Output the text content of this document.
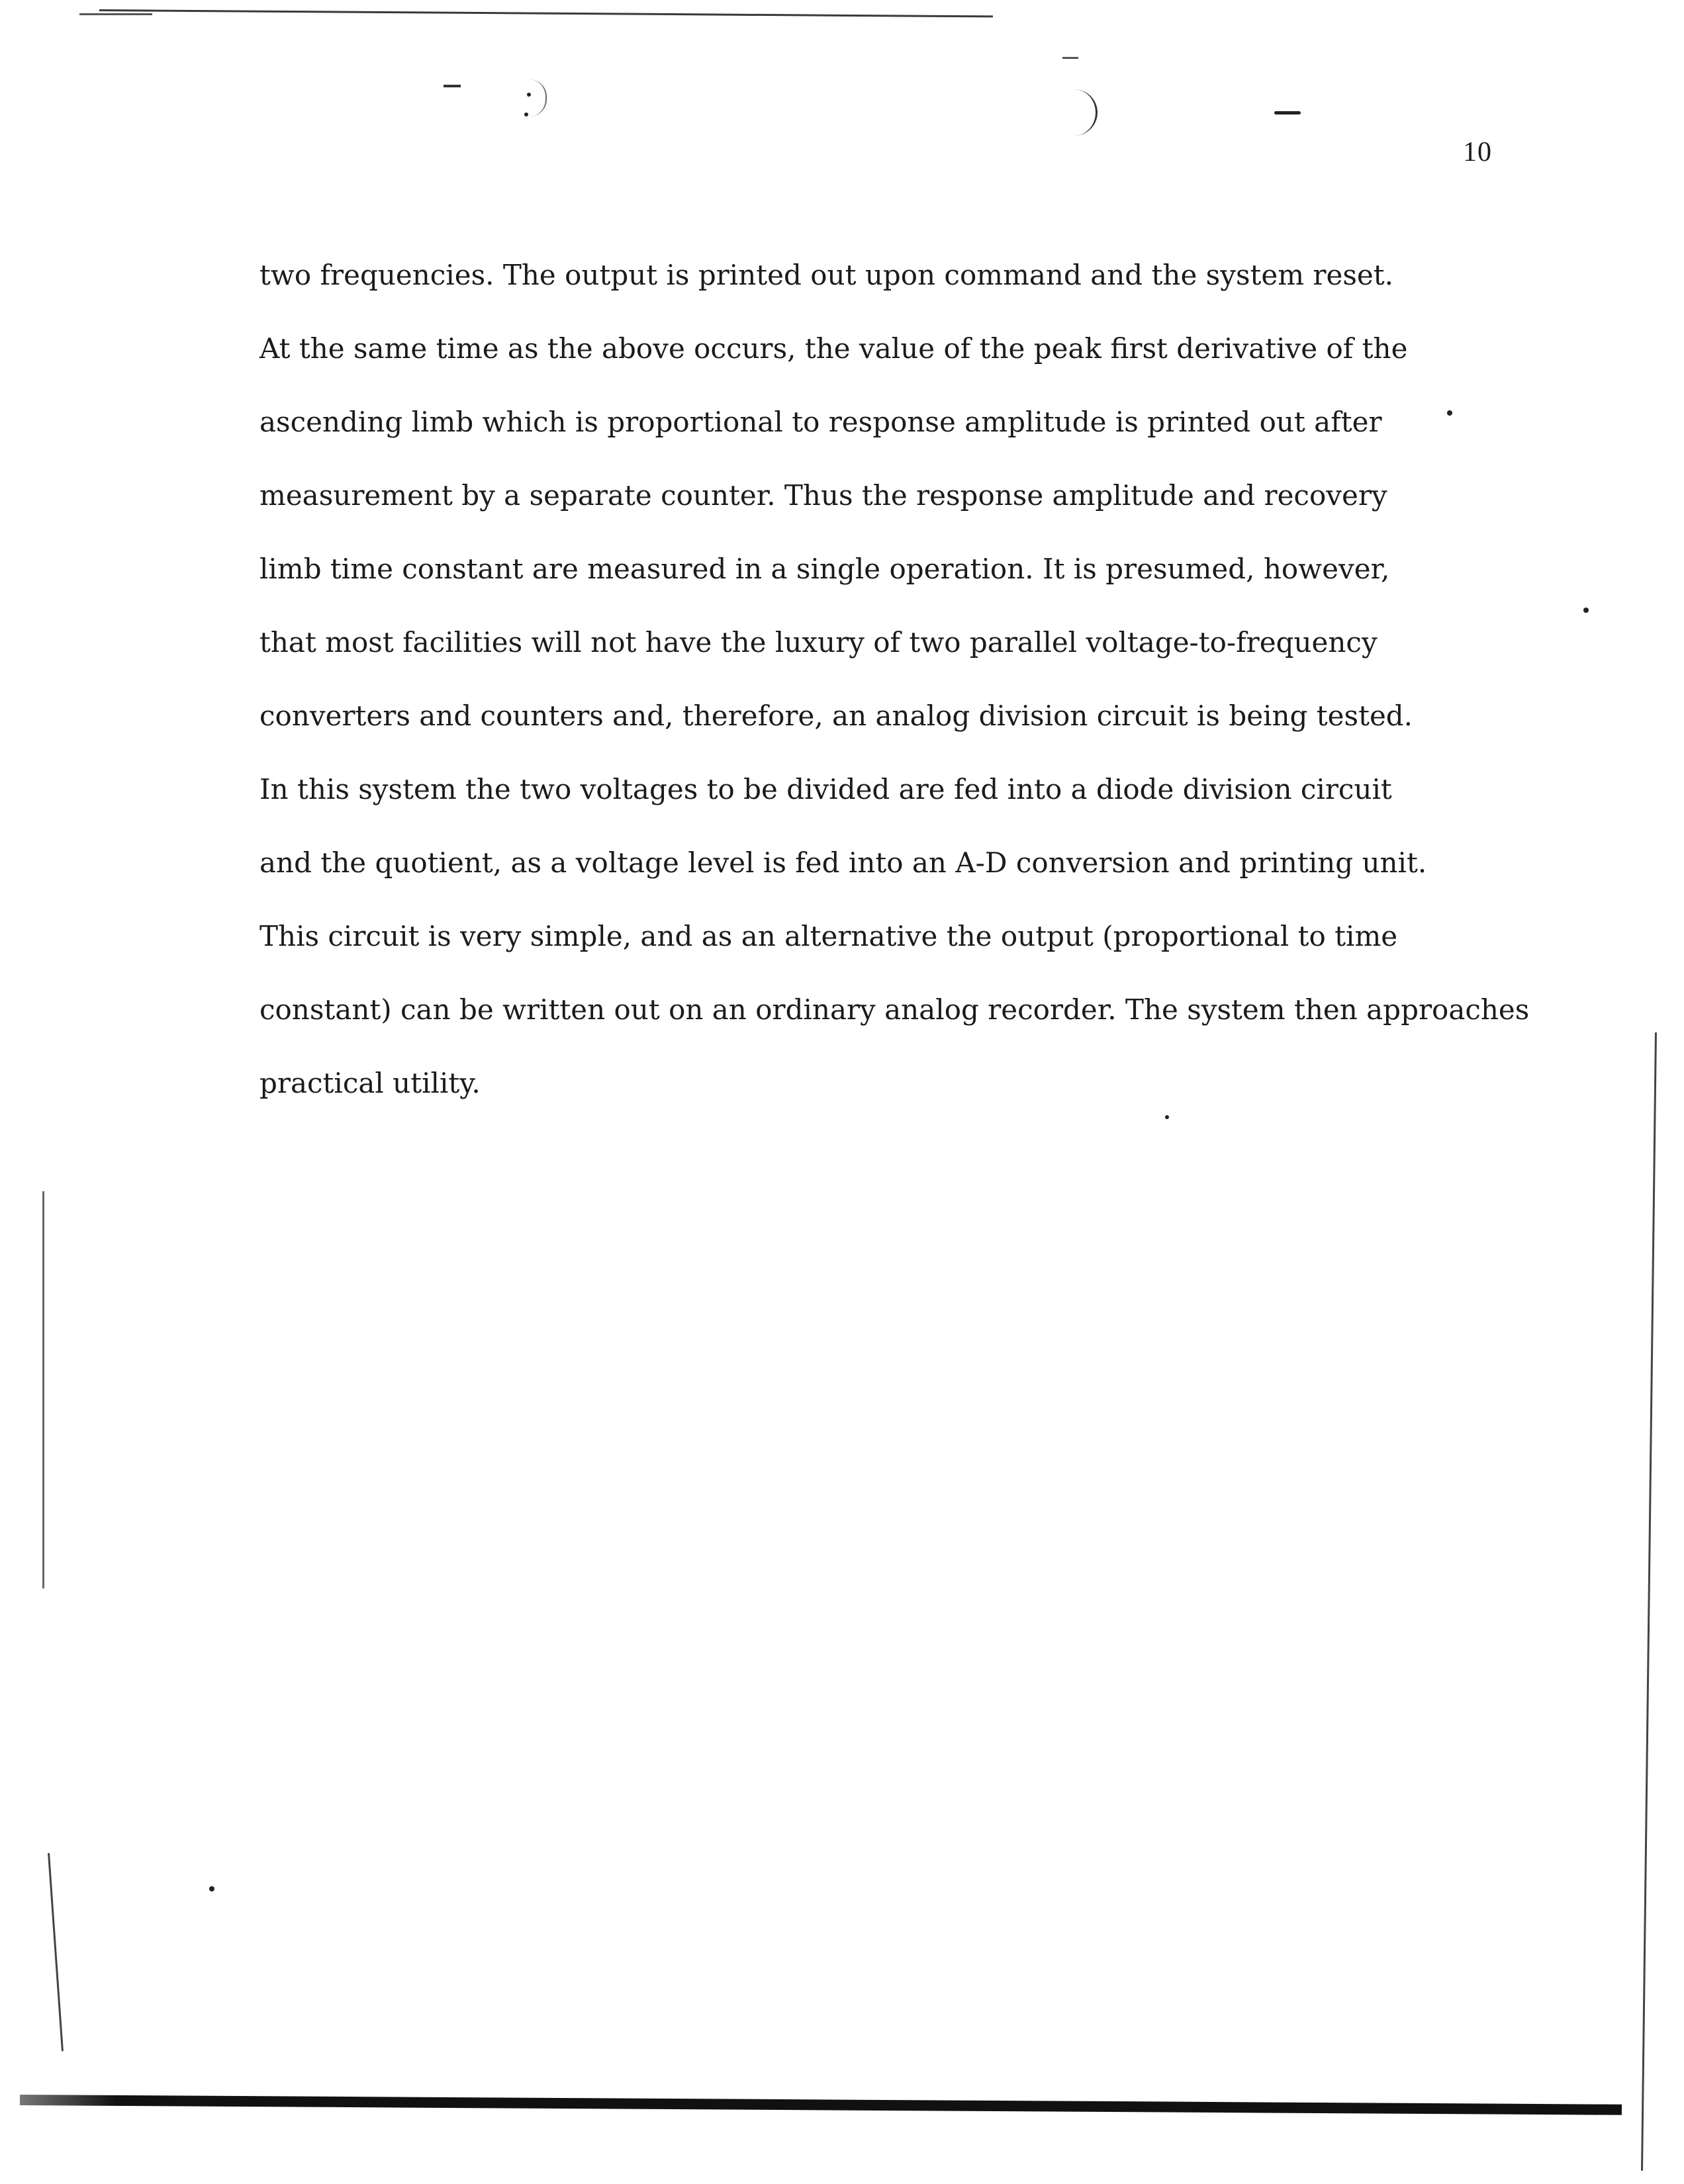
10
two frequencies. The output is printed out upon command and the system reset.
At the same time as the above occurs, the value of the peak first derivative of the
ascending limb which is proportional to response amplitude is printed out after
measurement by a separate counter. Thus the response amplitude and recovery
limb time constant are measured in a single operation. It is presumed, however,
that most facilities will not have the luxury of two parallel voltage-to-frequency
converters and counters and, therefore, an analog division circuit is being tested.
In this system the two voltages to be divided are fed into a diode division circuit
and the quotient, as a voltage level is fed into an A-D conversion and printing unit.
This circuit is very simple, and as an alternative the output (proportional to time
constant) can be written out on an ordinary analog recorder. The system then approaches
practical utility.
